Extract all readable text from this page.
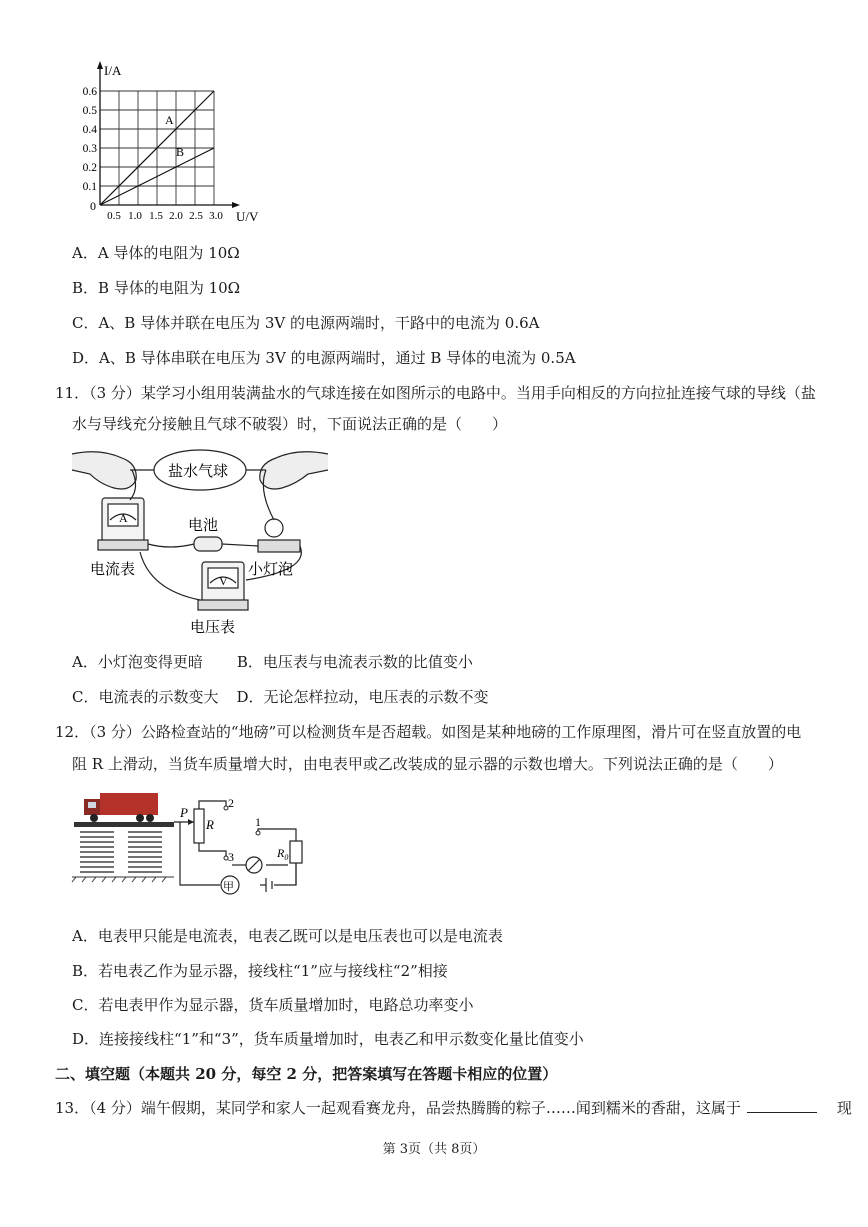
I/A
U/V
0
0.6
0.5
0.4
0.3
0.2
0.1
0.5 1.0 1.5 2.0 2.5 3.0
A
B
A．A 导体的电阻为 10Ω
B．B 导体的电阻为 10Ω
C．A、B 导体并联在电压为 3V 的电源两端时，干路中的电流为 0.6A
D．A、B 导体串联在电压为 3V 的电源两端时，通过 B 导体的电流为 0.5A
11．（3 分）某学习小组用装满盐水的气球连接在如图所示的电路中。当用手向相反的方向拉扯连接气球的导线（盐
水与导线充分接触且气球不破裂）时，下面说法正确的是（　　）
A
V
盐水气球
电池
电流表	小灯泡
电压表
A．小灯泡变得更暗 B．电压表与电流表示数的比值变小
C．电流表的示数变大 D．无论怎样拉动，电压表的示数不变
12．（3 分）公路检查站的“地磅”可以检测货车是否超载。如图是某种地磅的工作原理图，滑片可在竖直放置的电
阻 R 上滑动，当货车质量增大时，由电表甲或乙改装成的显示器的示数也增大。下列说法正确的是（　　）
P
R
2
1
3	$R_0$
甲
A．电表甲只能是电流表，电表乙既可以是电压表也可以是电流表
B．若电表乙作为显示器，接线柱“1”应与接线柱“2”相接
C．若电表甲作为显示器，货车质量增加时，电路总功率变小
D．连接接线柱“1”和“3”，货车质量增加时，电表乙和甲示数变化量比值变小
二、填空题（本题共 20 分，每空 2 分，把答案填写在答题卡相应的位置）
13．（4 分）端午假期，某同学和家人一起观看赛龙舟，品尝热腾腾的粽子……闻到糯米的香甜，这属于	现
第 3页（共 8页）
